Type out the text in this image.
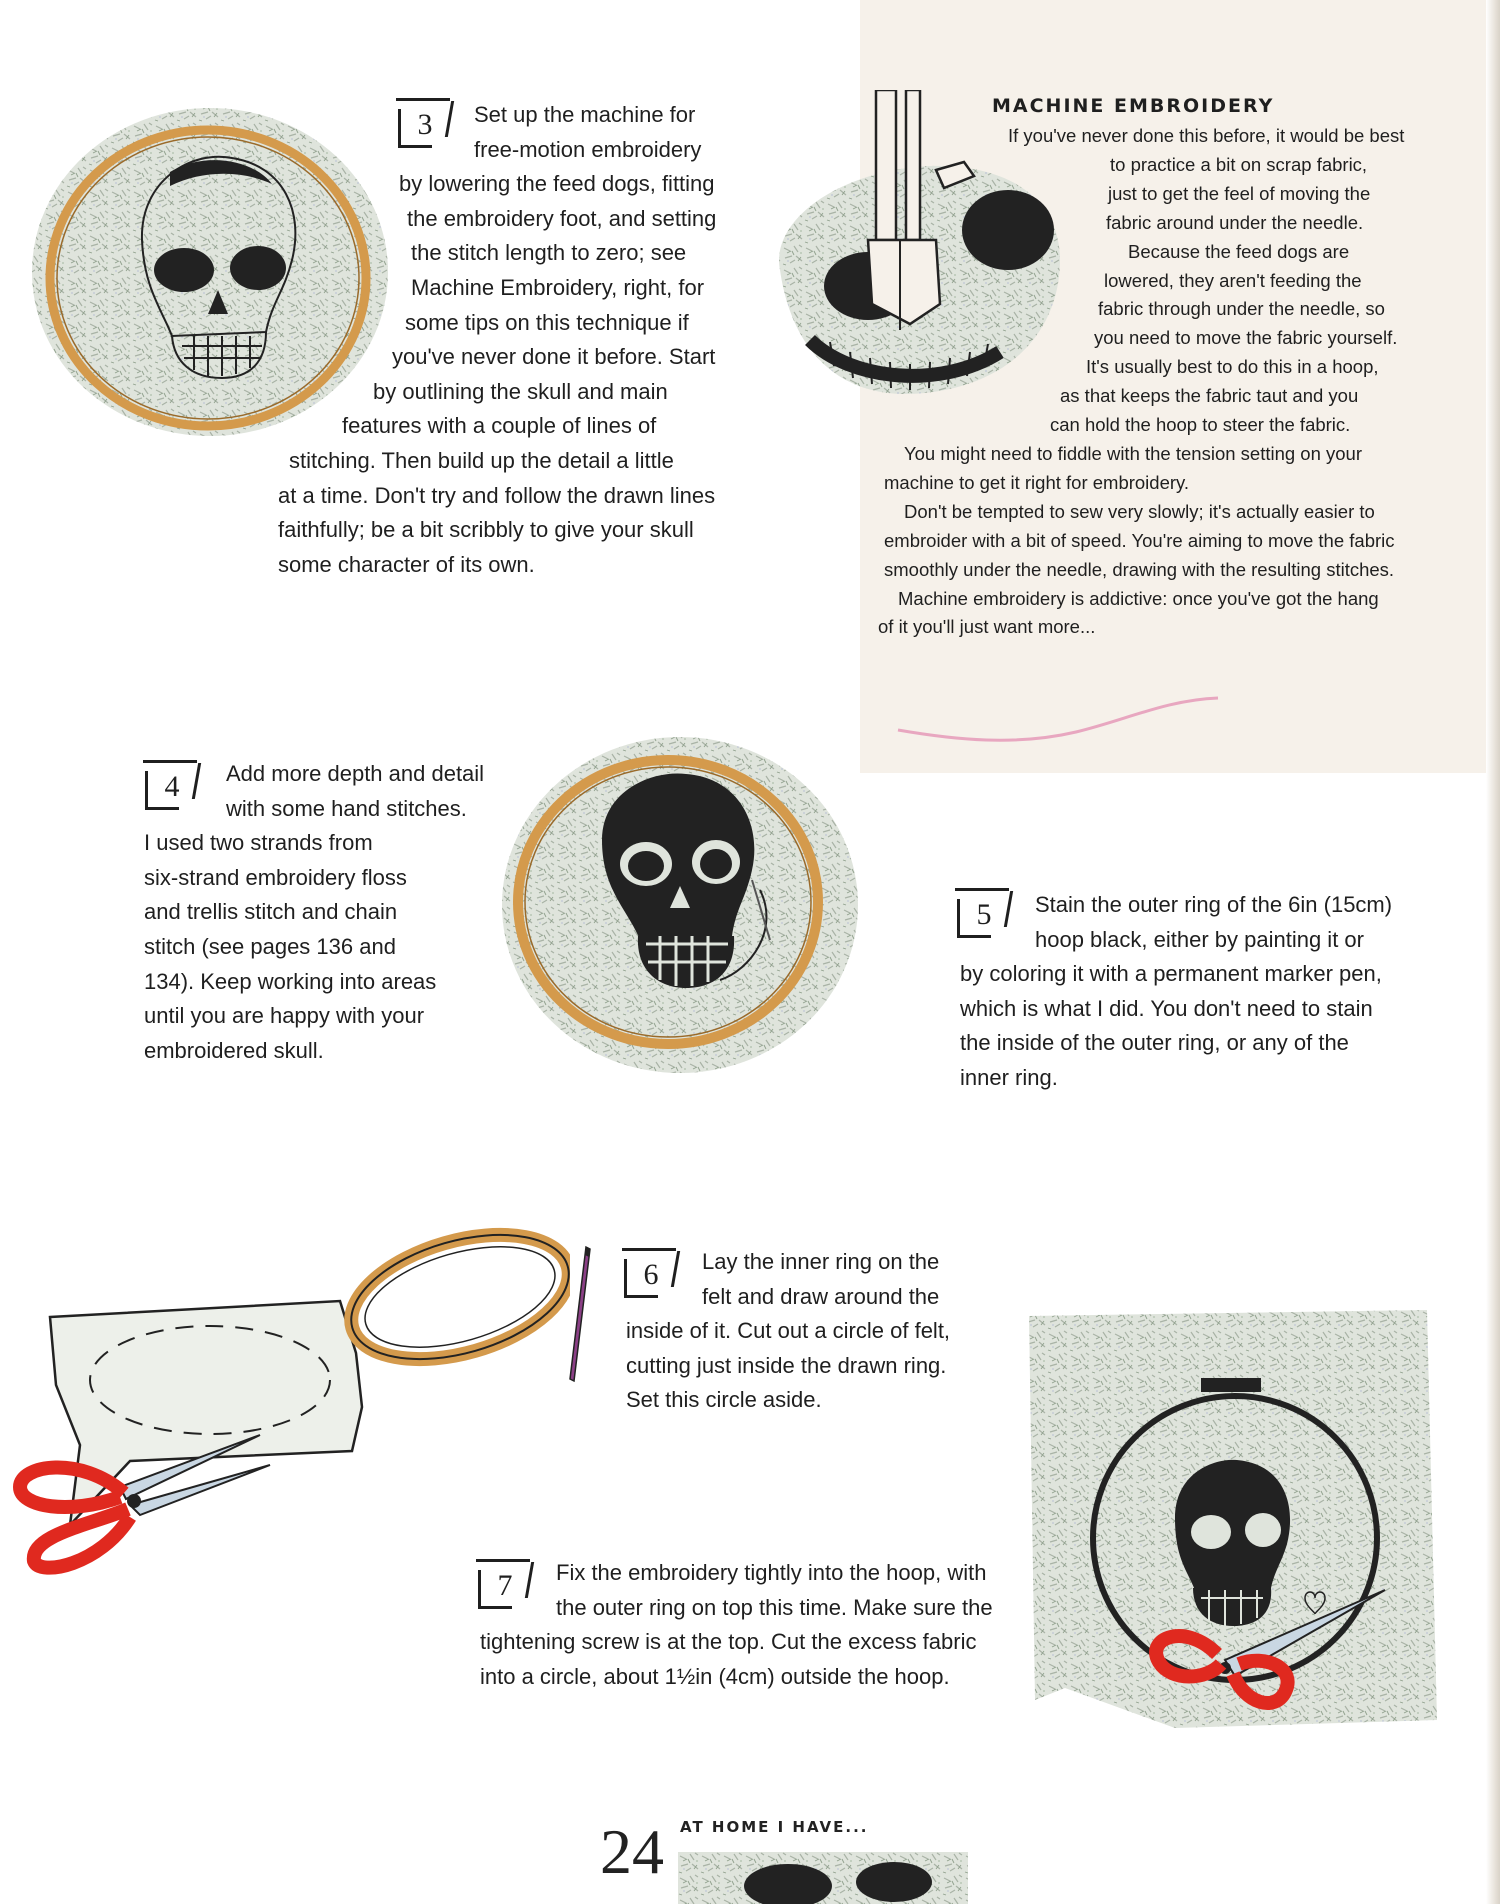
3	Set up the machine for
free-motion embroidery
by lowering the feed dogs, fitting
the embroidery foot, and setting
the stitch length to zero; see
Machine Embroidery, right, for
some tips on this technique if
you've never done it before. Start
by outlining the skull and main
features with a couple of lines of
stitching. Then build up the detail a little
at a time. Don't try and follow the drawn lines
faithfully; be a bit scribbly to give your skull
some character of its own.
MACHINE EMBROIDERY
If you've never done this before, it would be best
to practice a bit on scrap fabric,
just to get the feel of moving the
fabric around under the needle.
Because the feed dogs are
lowered, they aren't feeding the
fabric through under the needle, so
you need to move the fabric yourself.
It's usually best to do this in a hoop,
as that keeps the fabric taut and you
can hold the hoop to steer the fabric.
You might need to fiddle with the tension setting on your
machine to get it right for embroidery.
Don't be tempted to sew very slowly; it's actually easier to
embroider with a bit of speed. You're aiming to move the fabric
smoothly under the needle, drawing with the resulting stitches.
Machine embroidery is addictive: once you've got the hang
of it you'll just want more...
4	Add more depth and detail
with some hand stitches.
I used two strands from
six-strand embroidery floss
and trellis stitch and chain
stitch (see pages 136 and
134). Keep working into areas
until you are happy with your
embroidered skull.
5	Stain the outer ring of the 6in (15cm)
hoop black, either by painting it or
by coloring it with a permanent marker pen,
which is what I did. You don't need to stain
the inside of the outer ring, or any of the
inner ring.
6	Lay the inner ring on the
felt and draw around the
inside of it. Cut out a circle of felt,
cutting just inside the drawn ring.
Set this circle aside.
7	Fix the embroidery tightly into the hoop, with
the outer ring on top this time. Make sure the
tightening screw is at the top. Cut the excess fabric
into a circle, about 1½in (4cm) outside the hoop.
24 AT HOME I HAVE...
